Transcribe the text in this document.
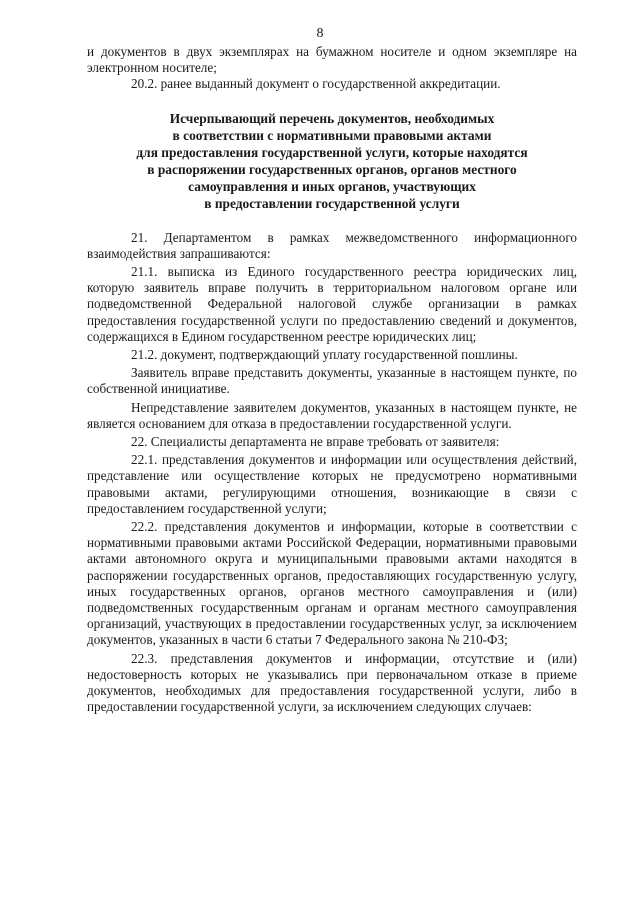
8

и документов в двух экземплярах на бумажном носителе и одном экземпляре на электронном носителе;

20.2. ранее выданный документ о государственной аккредитации.

Исчерпывающий перечень документов, необходимых
в соответствии с нормативными правовыми актами
для предоставления государственной услуги, которые находятся
в распоряжении государственных органов, органов местного
самоуправления и иных органов, участвующих
в предоставлении государственной услуги

21. Департаментом в рамках межведомственного информационного взаимодействия запрашиваются:

21.1. выписка из Единого государственного реестра юридических лиц, которую заявитель вправе получить в территориальном налоговом органе или подведомственной Федеральной налоговой службе организации в рамках предоставления государственной услуги по предоставлению сведений и документов, содержащихся в Едином государственном реестре юридических лиц;

21.2. документ, подтверждающий уплату государственной пошлины.

Заявитель вправе представить документы, указанные в настоящем пункте, по собственной инициативе.

Непредставление заявителем документов, указанных в настоящем пункте, не является основанием для отказа в предоставлении государственной услуги.

22. Специалисты департамента не вправе требовать от заявителя:

22.1. представления документов и информации или осуществления действий, представление или осуществление которых не предусмотрено нормативными правовыми актами, регулирующими отношения, возникающие в связи с предоставлением государственной услуги;

22.2. представления документов и информации, которые в соответствии с нормативными правовыми актами Российской Федерации, нормативными правовыми актами автономного округа и муниципальными правовыми актами находятся в распоряжении государственных органов, предоставляющих государственную услугу, иных государственных органов, органов местного самоуправления и (или) подведомственных государственным органам и органам местного самоуправления организаций, участвующих в предоставлении государственных услуг, за исключением документов, указанных в части 6 статьи 7 Федерального закона № 210-ФЗ;

22.3. представления документов и информации, отсутствие и (или) недостоверность которых не указывались при первоначальном отказе в приеме документов, необходимых для предоставления государственной услуги, либо в предоставлении государственной услуги, за исключением следующих случаев:
